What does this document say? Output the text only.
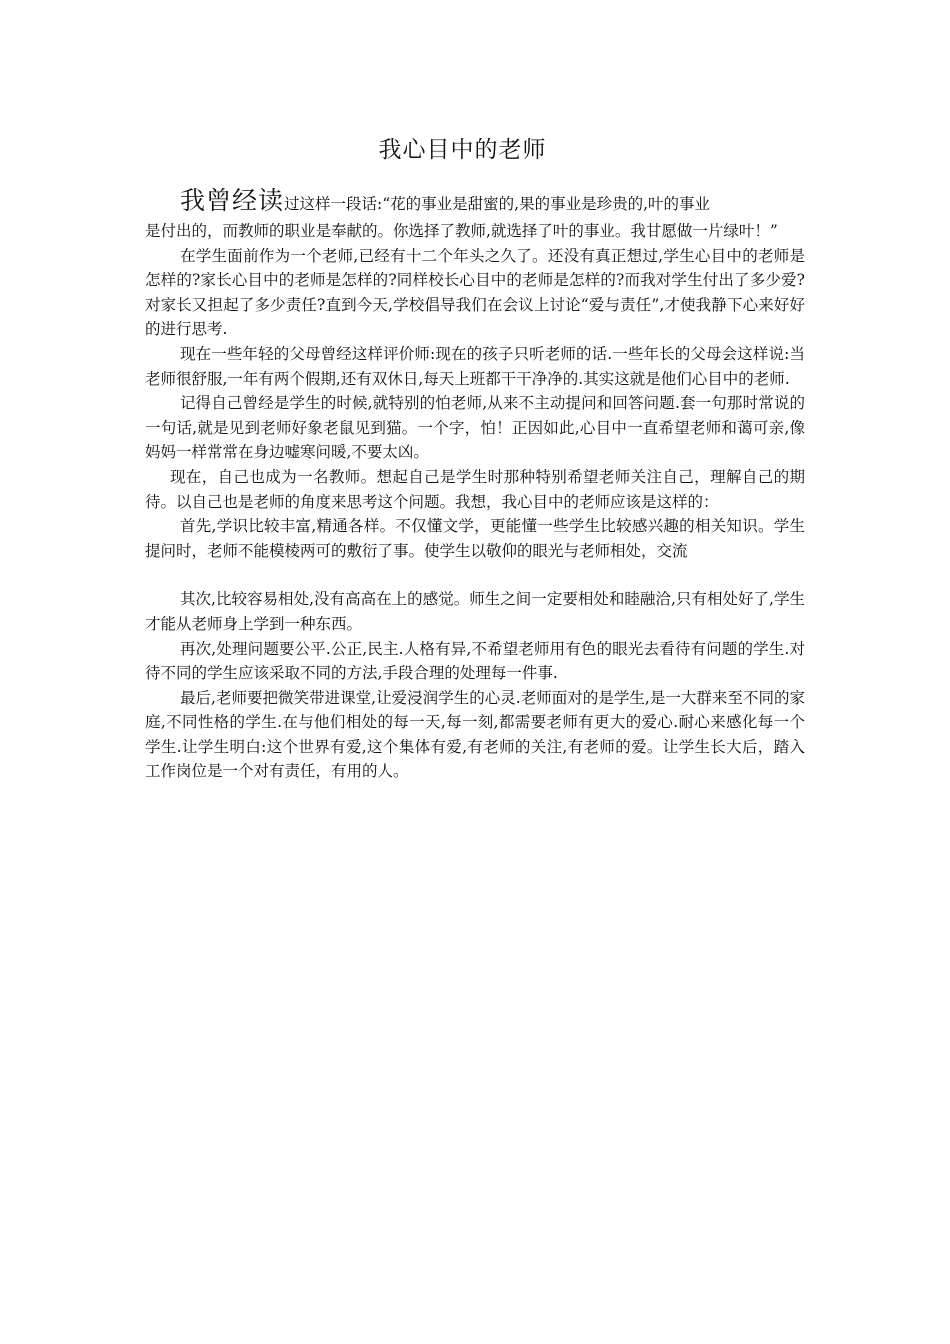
我心目中的老师

我曾经读过这样一段话:“花的事业是甜蜜的,果的事业是珍贵的,叶的事业

是付出的，而教师的职业是奉献的。你选择了教师,就选择了叶的事业。我甘愿做一片绿叶！”

在学生面前作为一个老师,已经有十二个年头之久了。还没有真正想过,学生心目中的老师是怎样的?家长心目中的老师是怎样的?同样校长心目中的老师是怎样的?而我对学生付出了多少爱?对家长又担起了多少责任?直到今天,学校倡导我们在会议上讨论“爱与责任”,才使我静下心来好好的进行思考.

现在一些年轻的父母曾经这样评价师:现在的孩子只听老师的话.一些年长的父母会这样说:当老师很舒服,一年有两个假期,还有双休日,每天上班都干干净净的.其实这就是他们心目中的老师.

记得自己曾经是学生的时候,就特别的怕老师,从来不主动提问和回答问题.套一句那时常说的一句话,就是见到老师好象老鼠见到猫。一个字，怕！正因如此,心目中一直希望老师和蔼可亲,像妈妈一样常常在身边嘘寒问暖,不要太凶。

现在，自己也成为一名教师。想起自己是学生时那种特别希望老师关注自己，理解自己的期待。以自己也是老师的角度来思考这个问题。我想，我心目中的老师应该是这样的：

首先,学识比较丰富,精通各样。不仅懂文学，更能懂一些学生比较感兴趣的相关知识。学生提问时，老师不能模棱两可的敷衍了事。使学生以敬仰的眼光与老师相处，交流

其次,比较容易相处,没有高高在上的感觉。师生之间一定要相处和睦融洽,只有相处好了,学生才能从老师身上学到一种东西。

再次,处理问题要公平.公正,民主.人格有异,不希望老师用有色的眼光去看待有问题的学生.对待不同的学生应该采取不同的方法,手段合理的处理每一件事.

最后,老师要把微笑带进课堂,让爱浸润学生的心灵.老师面对的是学生,是一大群来至不同的家庭,不同性格的学生.在与他们相处的每一天,每一刻,都需要老师有更大的爱心.耐心来感化每一个学生.让学生明白:这个世界有爱,这个集体有爱,有老师的关注,有老师的爱。让学生长大后，踏入工作岗位是一个对有责任，有用的人。
